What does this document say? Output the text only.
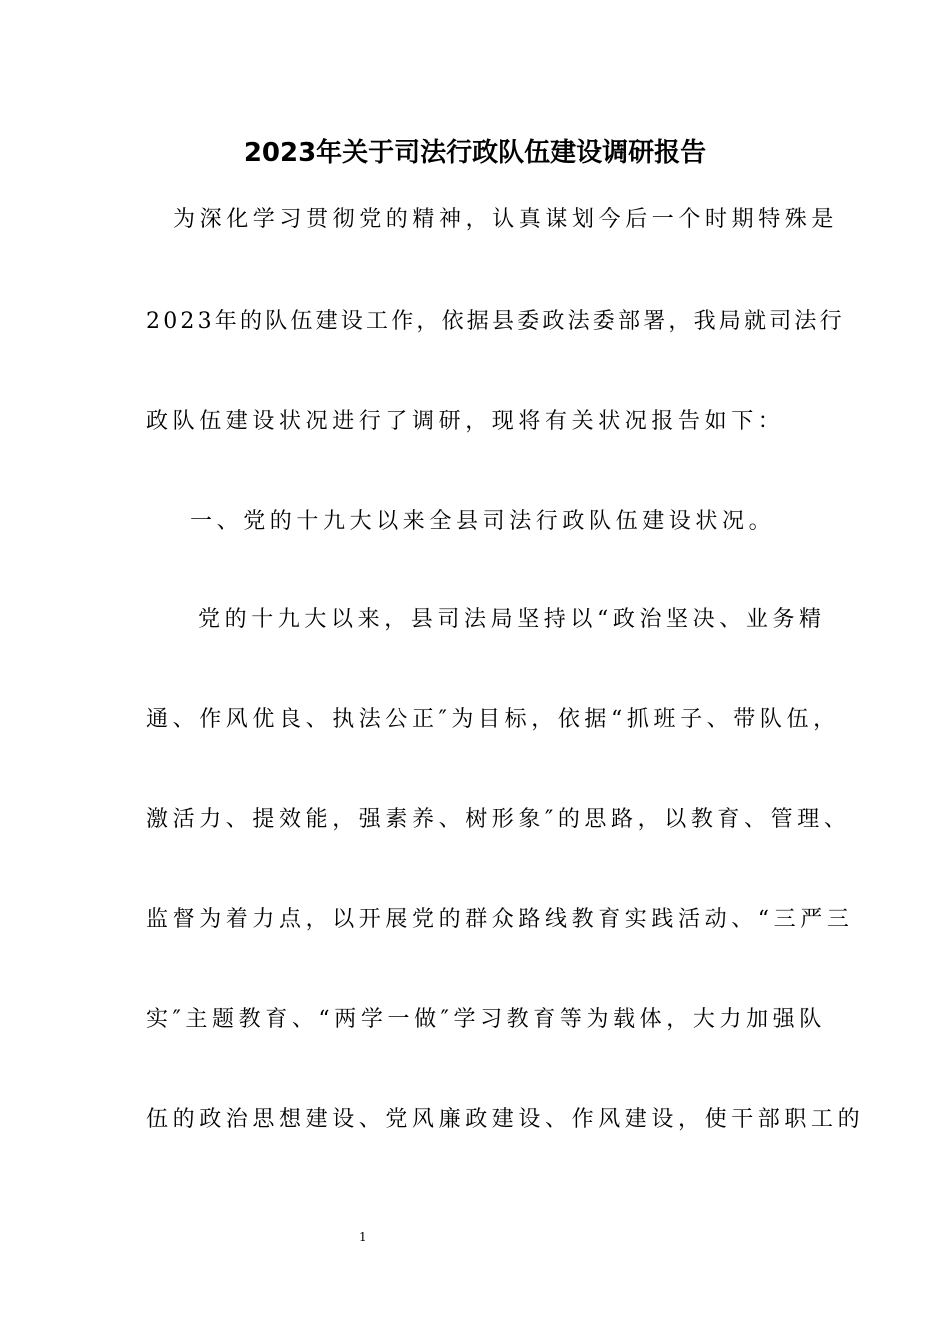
2023年关于司法行政队伍建设调研报告
为深化学习贯彻党的精神，认真谋划今后一个时期特殊是
2023年的队伍建设工作，依据县委政法委部署，我局就司法行
政队伍建设状况进行了调研，现将有关状况报告如下：
一、党的十九大以来全县司法行政队伍建设状况。
党的十九大以来，县司法局坚持以“政治坚决、业务精
通、作风优良、执法公正″为目标，依据“抓班子、带队伍，
激活力、提效能，强素养、树形象″的思路，以教育、管理、
监督为着力点，以开展党的群众路线教育实践活动、“三严三
实″主题教育、“两学一做″学习教育等为载体，大力加强队
伍的政治思想建设、党风廉政建设、作风建设，使干部职工的
1
